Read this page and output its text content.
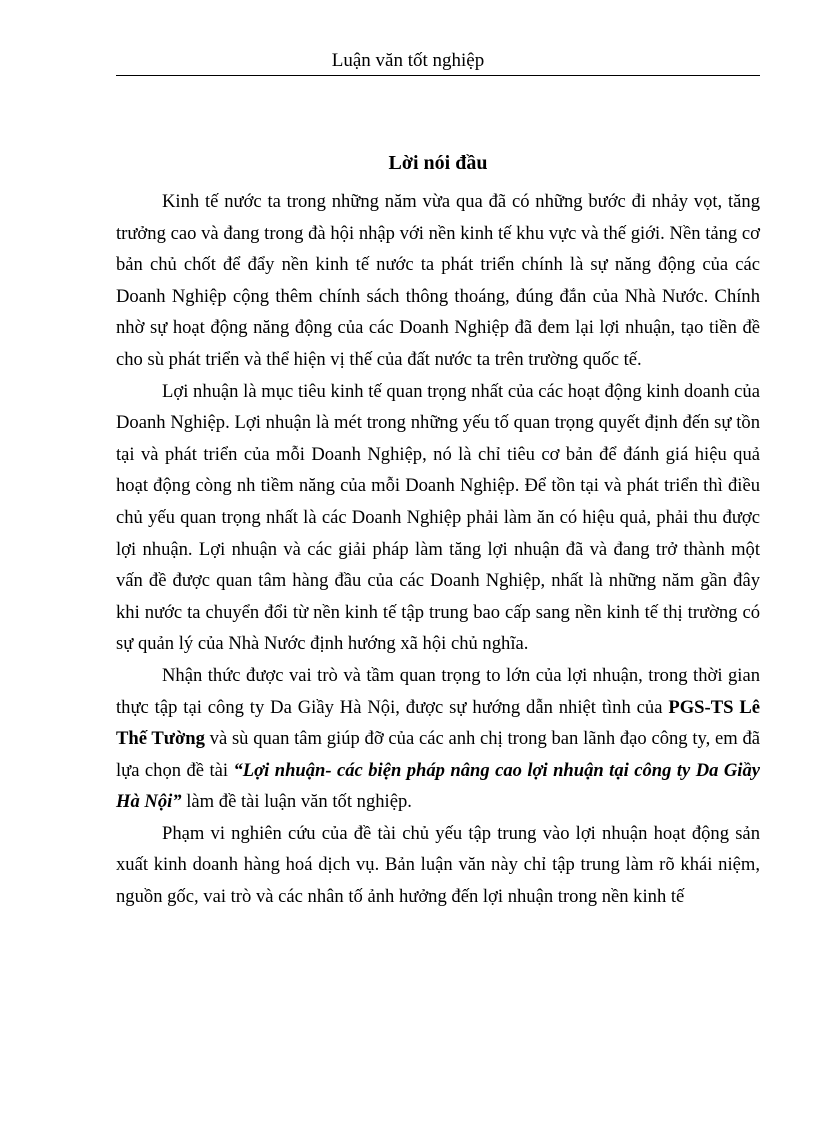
Luận văn tốt nghiệp
Lời nói đầu

Kinh tế nước ta trong những năm vừa qua đã có những bước đi nhảy vọt, tăng trưởng cao và đang trong đà hội nhập với nền kinh tế khu vực và thế giới. Nền tảng cơ bản chủ chốt để đẩy nền kinh tế nước ta phát triển chính là sự năng động của các Doanh Nghiệp cộng thêm chính sách thông thoáng, đúng đắn của Nhà Nước. Chính nhờ sự hoạt động năng động của các Doanh Nghiệp đã đem lại lợi nhuận, tạo tiền đề cho sù phát triển và thể hiện vị thế của đất nước ta trên trường quốc tế.

Lợi nhuận là mục tiêu kinh tế quan trọng nhất của các hoạt động kinh doanh của Doanh Nghiệp. Lợi nhuận là mét trong những yếu tố quan trọng quyết định đến sự tồn tại và phát triển của mỗi Doanh Nghiệp, nó là chỉ tiêu cơ bản để đánh giá hiệu quả hoạt động còng nh tiềm năng của mỗi Doanh Nghiệp. Để tồn tại và phát triển thì điều chủ yếu quan trọng nhất là các Doanh Nghiệp phải làm ăn có hiệu quả, phải thu được lợi nhuận. Lợi nhuận và các giải pháp làm tăng lợi nhuận đã và đang trở thành một vấn đề được quan tâm hàng đầu của các Doanh Nghiệp, nhất là những năm gần đây khi nước ta chuyển đổi từ nền kinh tế tập trung bao cấp sang nền kinh tế thị trường có sự quản lý của Nhà Nước định hướng xã hội chủ nghĩa.

Nhận thức được vai trò và tầm quan trọng to lớn của lợi nhuận, trong thời gian thực tập tại công ty Da Giầy Hà Nội, được sự hướng dẫn nhiệt tình của PGS-TS Lê Thế Tường và sù quan tâm giúp đỡ của các anh chị trong ban lãnh đạo công ty, em đã lựa chọn đề tài “Lợi nhuận- các biện pháp nâng cao lợi nhuận tại công ty Da Giầy Hà Nội” làm đề tài luận văn tốt nghiệp.

Phạm vi nghiên cứu của đề tài chủ yếu tập trung vào lợi nhuận hoạt động sản xuất kinh doanh hàng hoá dịch vụ. Bản luận văn này chỉ tập trung làm rõ khái niệm, nguồn gốc, vai trò và các nhân tố ảnh hưởng đến lợi nhuận trong nền kinh tế
